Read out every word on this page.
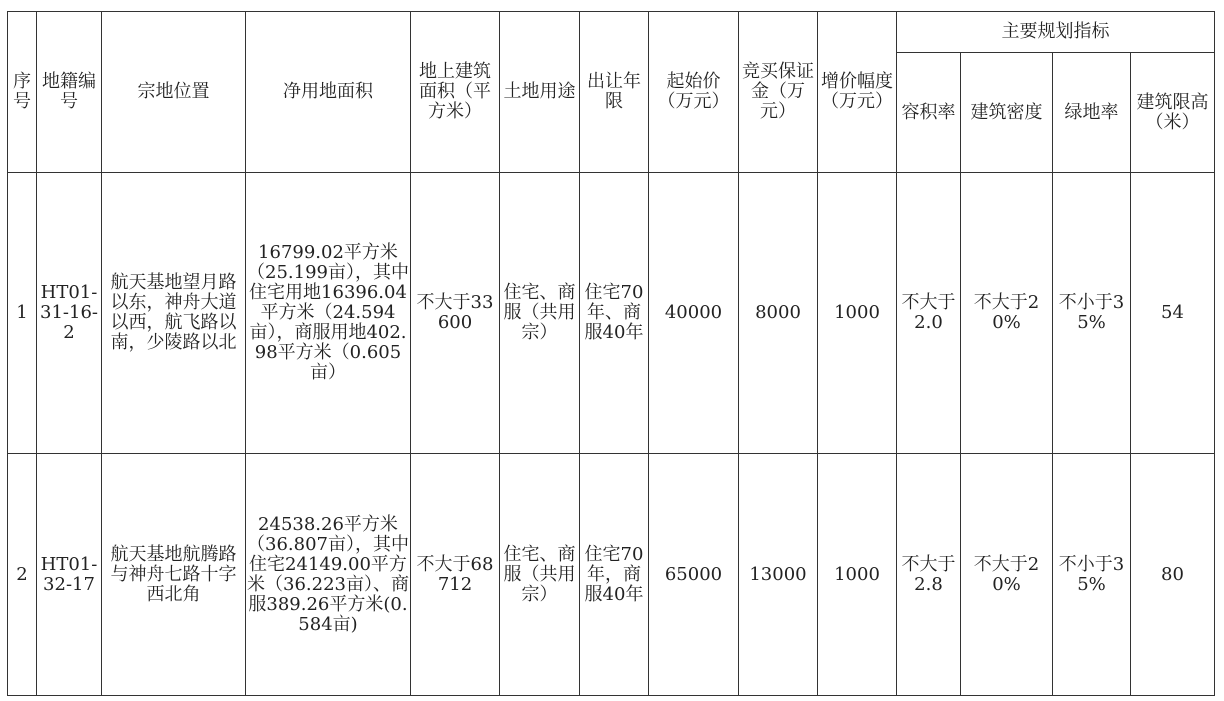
序号	地籍编号	宗地位置	净用地面积	地上建筑面积（平方米）	土地用途	出让年限	起始价（万元）	竞买保证金（万元）	增价幅度（万元）	主要规划指标			
										容积率	建筑密度	绿地率	建筑限高（米）
1	HT01-31-16-2	航天基地望月路以东，神舟大道以西，航飞路以南，少陵路以北	16799.02平方米（25.199亩），其中住宅用地16396.04平方米（24.594亩），商服用地402.98平方米（0.605亩）	不大于33600	住宅、商服（共用宗）	住宅70年、商服40年	40000	8000	1000	不大于2.0	不大于20%	不小于35%	54
2	HT01-32-17	航天基地航腾路与神舟七路十字西北角	24538.26平方米（36.807亩），其中住宅24149.00平方米（36.223亩）、商服389.26平方米(0.584亩)	不大于68712	住宅、商服（共用宗）	住宅70年，商服40年	65000	13000	1000	不大于2.8	不大于20%	不小于35%	80
